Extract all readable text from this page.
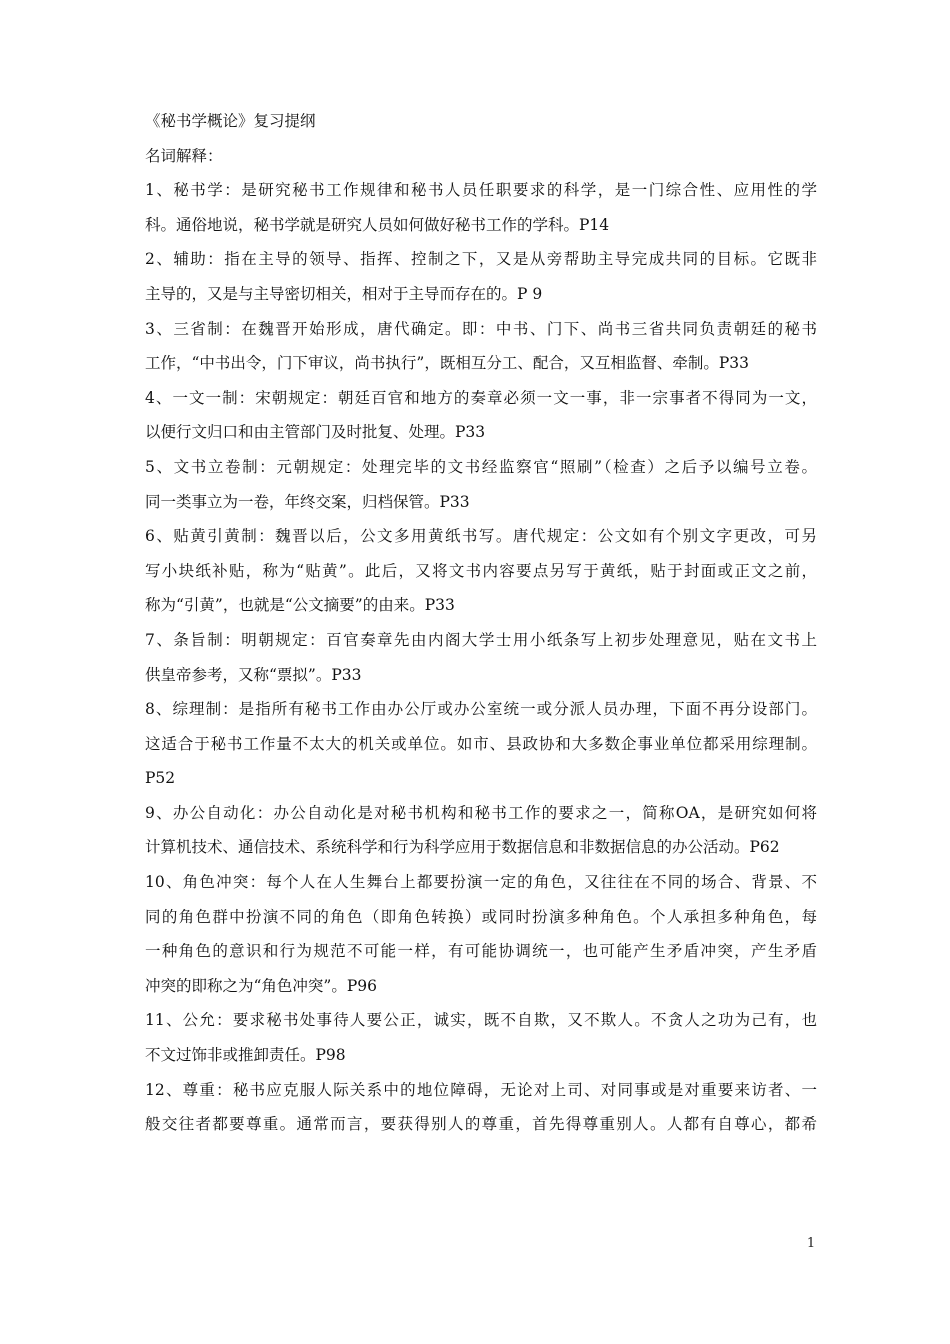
《秘书学概论》复习提纲
名词解释：
1、秘书学：是研究秘书工作规律和秘书人员任职要求的科学，是一门综合性、应用性的学
科。通俗地说，秘书学就是研究人员如何做好秘书工作的学科。P14
2、辅助：指在主导的领导、指挥、控制之下，又是从旁帮助主导完成共同的目标。它既非
主导的，又是与主导密切相关，相对于主导而存在的。P 9
3、三省制：在魏晋开始形成，唐代确定。即：中书、门下、尚书三省共同负责朝廷的秘书
工作，“中书出令，门下审议，尚书执行”，既相互分工、配合，又互相监督、牵制。P33
4、一文一制：宋朝规定：朝廷百官和地方的奏章必须一文一事，非一宗事者不得同为一文，
以便行文归口和由主管部门及时批复、处理。P33
5、文书立卷制：元朝规定：处理完毕的文书经监察官“照刷”（检查）之后予以编号立卷。
同一类事立为一卷，年终交案，归档保管。P33
6、贴黄引黄制：魏晋以后，公文多用黄纸书写。唐代规定：公文如有个别文字更改，可另
写小块纸补贴，称为“贴黄”。此后，又将文书内容要点另写于黄纸，贴于封面或正文之前，
称为“引黄”，也就是“公文摘要”的由来。P33
7、条旨制：明朝规定：百官奏章先由内阁大学士用小纸条写上初步处理意见，贴在文书上
供皇帝参考，又称“票拟”。P33
8、综理制：是指所有秘书工作由办公厅或办公室统一或分派人员办理，下面不再分设部门。
这适合于秘书工作量不太大的机关或单位。如市、县政协和大多数企事业单位都采用综理制。
P52
9、办公自动化：办公自动化是对秘书机构和秘书工作的要求之一，简称OA，是研究如何将
计算机技术、通信技术、系统科学和行为科学应用于数据信息和非数据信息的办公活动。P62
10、角色冲突：每个人在人生舞台上都要扮演一定的角色，又往往在不同的场合、背景、不
同的角色群中扮演不同的角色（即角色转换）或同时扮演多种角色。个人承担多种角色，每
一种角色的意识和行为规范不可能一样，有可能协调统一，也可能产生矛盾冲突，产生矛盾
冲突的即称之为“角色冲突”。P96
11、公允：要求秘书处事待人要公正，诚实，既不自欺，又不欺人。不贪人之功为己有，也
不文过饰非或推卸责任。P98
12、尊重：秘书应克服人际关系中的地位障碍，无论对上司、对同事或是对重要来访者、一
般交往者都要尊重。通常而言，要获得别人的尊重，首先得尊重别人。人都有自尊心，都希
1
